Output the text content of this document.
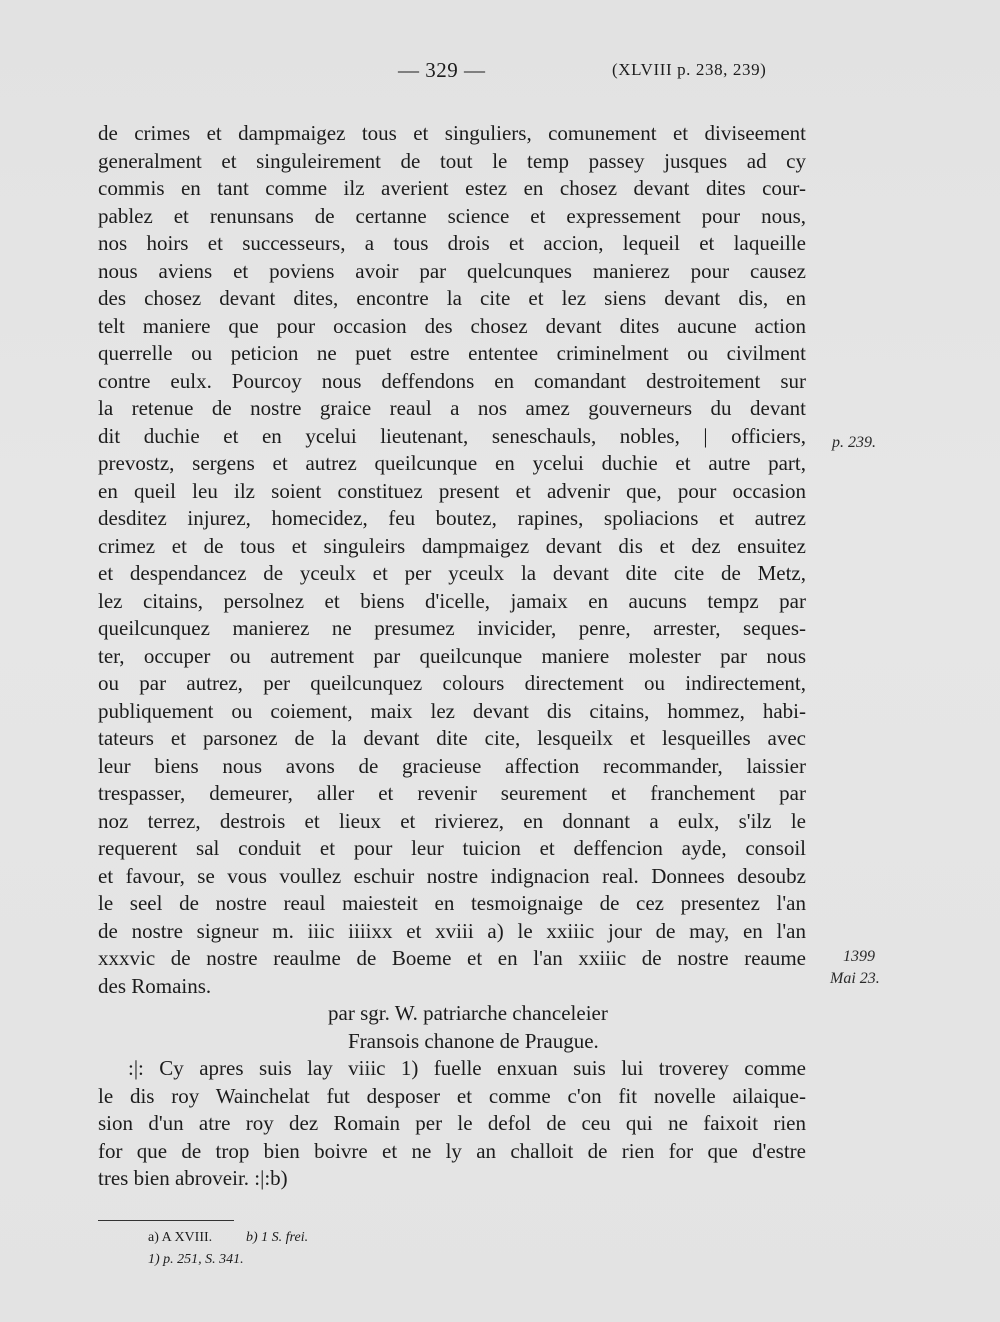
— 329 —	(XLVIII p. 238, 239)
de crimes et dampmaigez tous et singuliers, comunement et diviseement
generalment et singuleirement de tout le temp passey jusques ad cy
commis en tant comme ilz averient estez en chosez devant dites cour-
pablez et renunsans de certanne science et expressement pour nous,
nos hoirs et successeurs, a tous drois et accion, lequeil et laqueille
nous aviens et poviens avoir par quelcunques manierez pour causez
des chosez devant dites, encontre la cite et lez siens devant dis, en
telt maniere que pour occasion des chosez devant dites aucune action
querrelle ou peticion ne puet estre ententee criminelment ou civilment
contre eulx. Pourcoy nous deffendons en comandant destroitement sur
la retenue de nostre graice reaul a nos amez gouverneurs du devant
dit duchie et en ycelui lieutenant, seneschauls, nobles, | officiers,
prevostz, sergens et autrez queilcunque en ycelui duchie et autre part,
en queil leu ilz soient constituez present et advenir que, pour occasion
desditez injurez, homecidez, feu boutez, rapines, spoliacions et autrez
crimez et de tous et singuleirs dampmaigez devant dis et dez ensuitez
et despendancez de yceulx et per yceulx la devant dite cite de Metz,
lez citains, persolnez et biens d'icelle, jamaix en aucuns tempz par
queilcunquez manierez ne presumez invicider, penre, arrester, seques-
ter, occuper ou autrement par queilcunque maniere molester par nous
ou par autrez, per queilcunquez colours directement ou indirectement,
publiquement ou coiement, maix lez devant dis citains, hommez, habi-
tateurs et parsonez de la devant dite cite, lesqueilx et lesqueilles avec
leur biens nous avons de gracieuse affection recommander, laissier
trespasser, demeurer, aller et revenir seurement et franchement par
noz terrez, destrois et lieux et rivierez, en donnant a eulx, s'ilz le
requerent sal conduit et pour leur tuicion et deffencion ayde, consoil
et favour, se vous voullez eschuir nostre indignacion real. Donnees desoubz
le seel de nostre reaul maiesteit en tesmoignaige de cez presentez l'an
de nostre signeur m. iiic iiiixx et xviii a) le xxiiic jour de may, en l'an
xxxvic de nostre reaulme de Boeme et en l'an xxiiic de nostre reaume
des Romains.
par sgr. W. patriarche chanceleier
Fransois chanone de Praugue.
:|: Cy apres suis lay viiic 1) fuelle enxuan suis lui troverey comme
le dis roy Wainchelat fut desposer et comme c'on fit novelle ailaique-
sion d'un atre roy dez Romain per le defol de ceu qui ne faixoit rien
for que de trop bien boivre et ne ly an challoit de rien for que d'estre
tres bien abroveir. :|:b)
p. 239.
1399
Mai 23.
a) A XVIII. b) 1 S. frei.
1) p. 251, S. 341.
